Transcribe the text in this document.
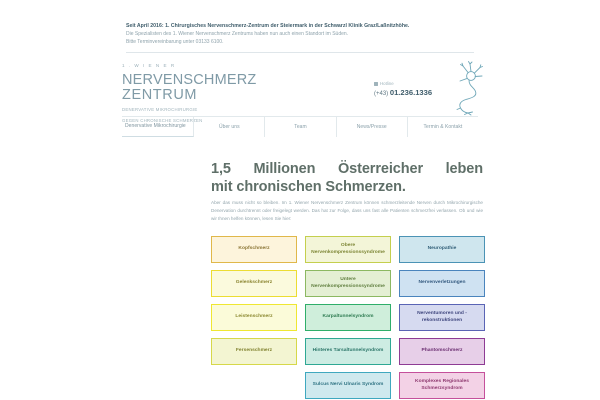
Seit April 2016: 1. Chirurgisches Nervenschmerz-Zentrum der Steiermark in der Schwarzl Klinik Graz/Laßnitzhöhe.
Die Spezialisten des 1. Wiener Nervenschmerz Zentrums haben nun auch einen Standort im Süden.
Bitte Terminvereinbarung unter 03133 6100.
1 . W I E N E R
NERVENSCHMERZ
ZENTRUM
DENERVATIVE MIKROCHIRURGIE
GEGEN CHRONISCHE SCHMERZEN
Hotline
(+43) 01.236.1336
Denervative Mikrochirurgie	Über uns	Team	News/Presse	Termin & Kontakt
1,5 Millionen Österreicher leben
mit chronischen Schmerzen.

Aber das muss nicht so bleiben. Im 1. Wiener Nervenschmerz Zentrum können schmerzleitende Nerven durch Mikrochirurgische Denervation durchtrennt oder freigelegt werden. Das hat zur Folge, dass uns fast alle Patienten schmerzfrei verlassen. Ob und wie wir Ihnen helfen können, lesen Sie hier:

Kopfschmerz
Obere Nervenkompressionssyndrome
Neuropathie
Gelenkschmerz
Untere Nervenkompressionssyndrome
Nervenverletzungen
Leistenschmerz	Karpaltunnelsyndrom
Nerventumoren und -rekonstruktionen
Fersenschmerz	Hinteres Tarsaltunnelsyndrom	Phantomschmerz
Sulcus Nervi Ulnaris Syndrom
Komplexes Regionales Schmerzsyndrom
